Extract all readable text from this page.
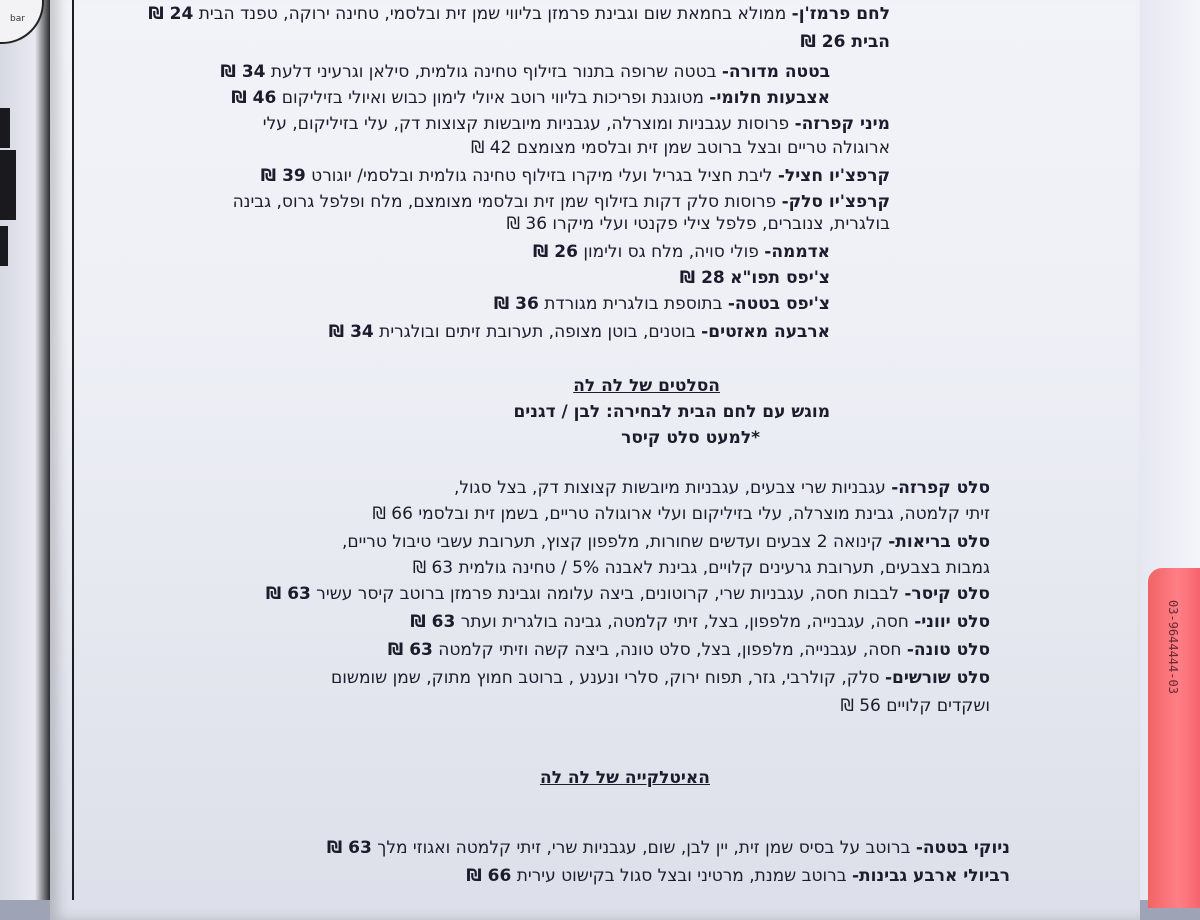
bar	לחם פרמז'ן- ממולא בחמאת שום וגבינת פרמזן בליווי שמן זית ובלסמי, טחינה ירוקה, טפנד הבית 24 ₪
הבית 26 ₪
בטטה מדורה- בטטה שרופה בתנור בזילוף טחינה גולמית, סילאן וגרעיני דלעת 34 ₪
אצבעות חלומי- מטוגנת ופריכות בליווי רוטב איולי לימון כבוש ואיולי בזיליקום 46 ₪
מיני קפרזה- פרוסות עגבניות ומוצרלה, עגבניות מיובשות קצוצות דק, עלי בזיליקום, עלי
ארוגולה טריים ובצל ברוטב שמן זית ובלסמי מצומצם 42 ₪
קרפצ'יו חציל- ליבת חציל בגריל ועלי מיקרו בזילוף טחינה גולמית ובלסמי/ יוגורט 39 ₪
קרפצ'יו סלק- פרוסות סלק דקות בזילוף שמן זית ובלסמי מצומצם, מלח ופלפל גרוס, גבינה
בולגרית, צנוברים, פלפל צילי פקנטי ועלי מיקרו 36 ₪
אדממה- פולי סויה, מלח גס ולימון 26 ₪
צ'יפס תפו"א 28 ₪
צ'יפס בטטה- בתוספת בולגרית מגורדת 36 ₪
ארבעה מאזטים- בוטנים, בוטן מצופה, תערובת זיתים ובולגרית 34 ₪
הסלטים של לה לה
מוגש עם לחם הבית לבחירה: לבן / דגנים
*למעט סלט קיסר
סלט קפרזה- עגבניות שרי צבעים, עגבניות מיובשות קצוצות דק, בצל סגול,
זיתי קלמטה, גבינת מוצרלה, עלי בזיליקום ועלי ארוגולה טריים, בשמן זית ובלסמי 66 ₪
סלט בריאות- קינואה 2 צבעים ועדשים שחורות, מלפפון קצוץ, תערובת עשבי טיבול טריים,
גמבות בצבעים, תערובת גרעינים קלויים, גבינת לאבנה 5% / טחינה גולמית 63 ₪
סלט קיסר- לבבות חסה, עגבניות שרי, קרוטונים, ביצה עלומה וגבינת פרמזן ברוטב קיסר עשיר 63 ₪
סלט יווני- חסה, עגבנייה, מלפפון, בצל, זיתי קלמטה, גבינה בולגרית ועתר 63 ₪
סלט טונה- חסה, עגבנייה, מלפפון, בצל, סלט טונה, ביצה קשה וזיתי קלמטה 63 ₪
סלט שורשים- סלק, קולרבי, גזר, תפוח ירוק, סלרי ונענע , ברוטב חמוץ מתוק, שמן שומשום
ושקדים קלויים 56 ₪
האיטלקייה של לה לה
ניוקי בטטה- ברוטב על בסיס שמן זית, יין לבן, שום, עגבניות שרי, זיתי קלמטה ואגוזי מלך 63 ₪
רביולי ארבע גבינות- ברוטב שמנת, מרטיני ובצל סגול בקישוט עירית 66 ₪
03-9644444-03
